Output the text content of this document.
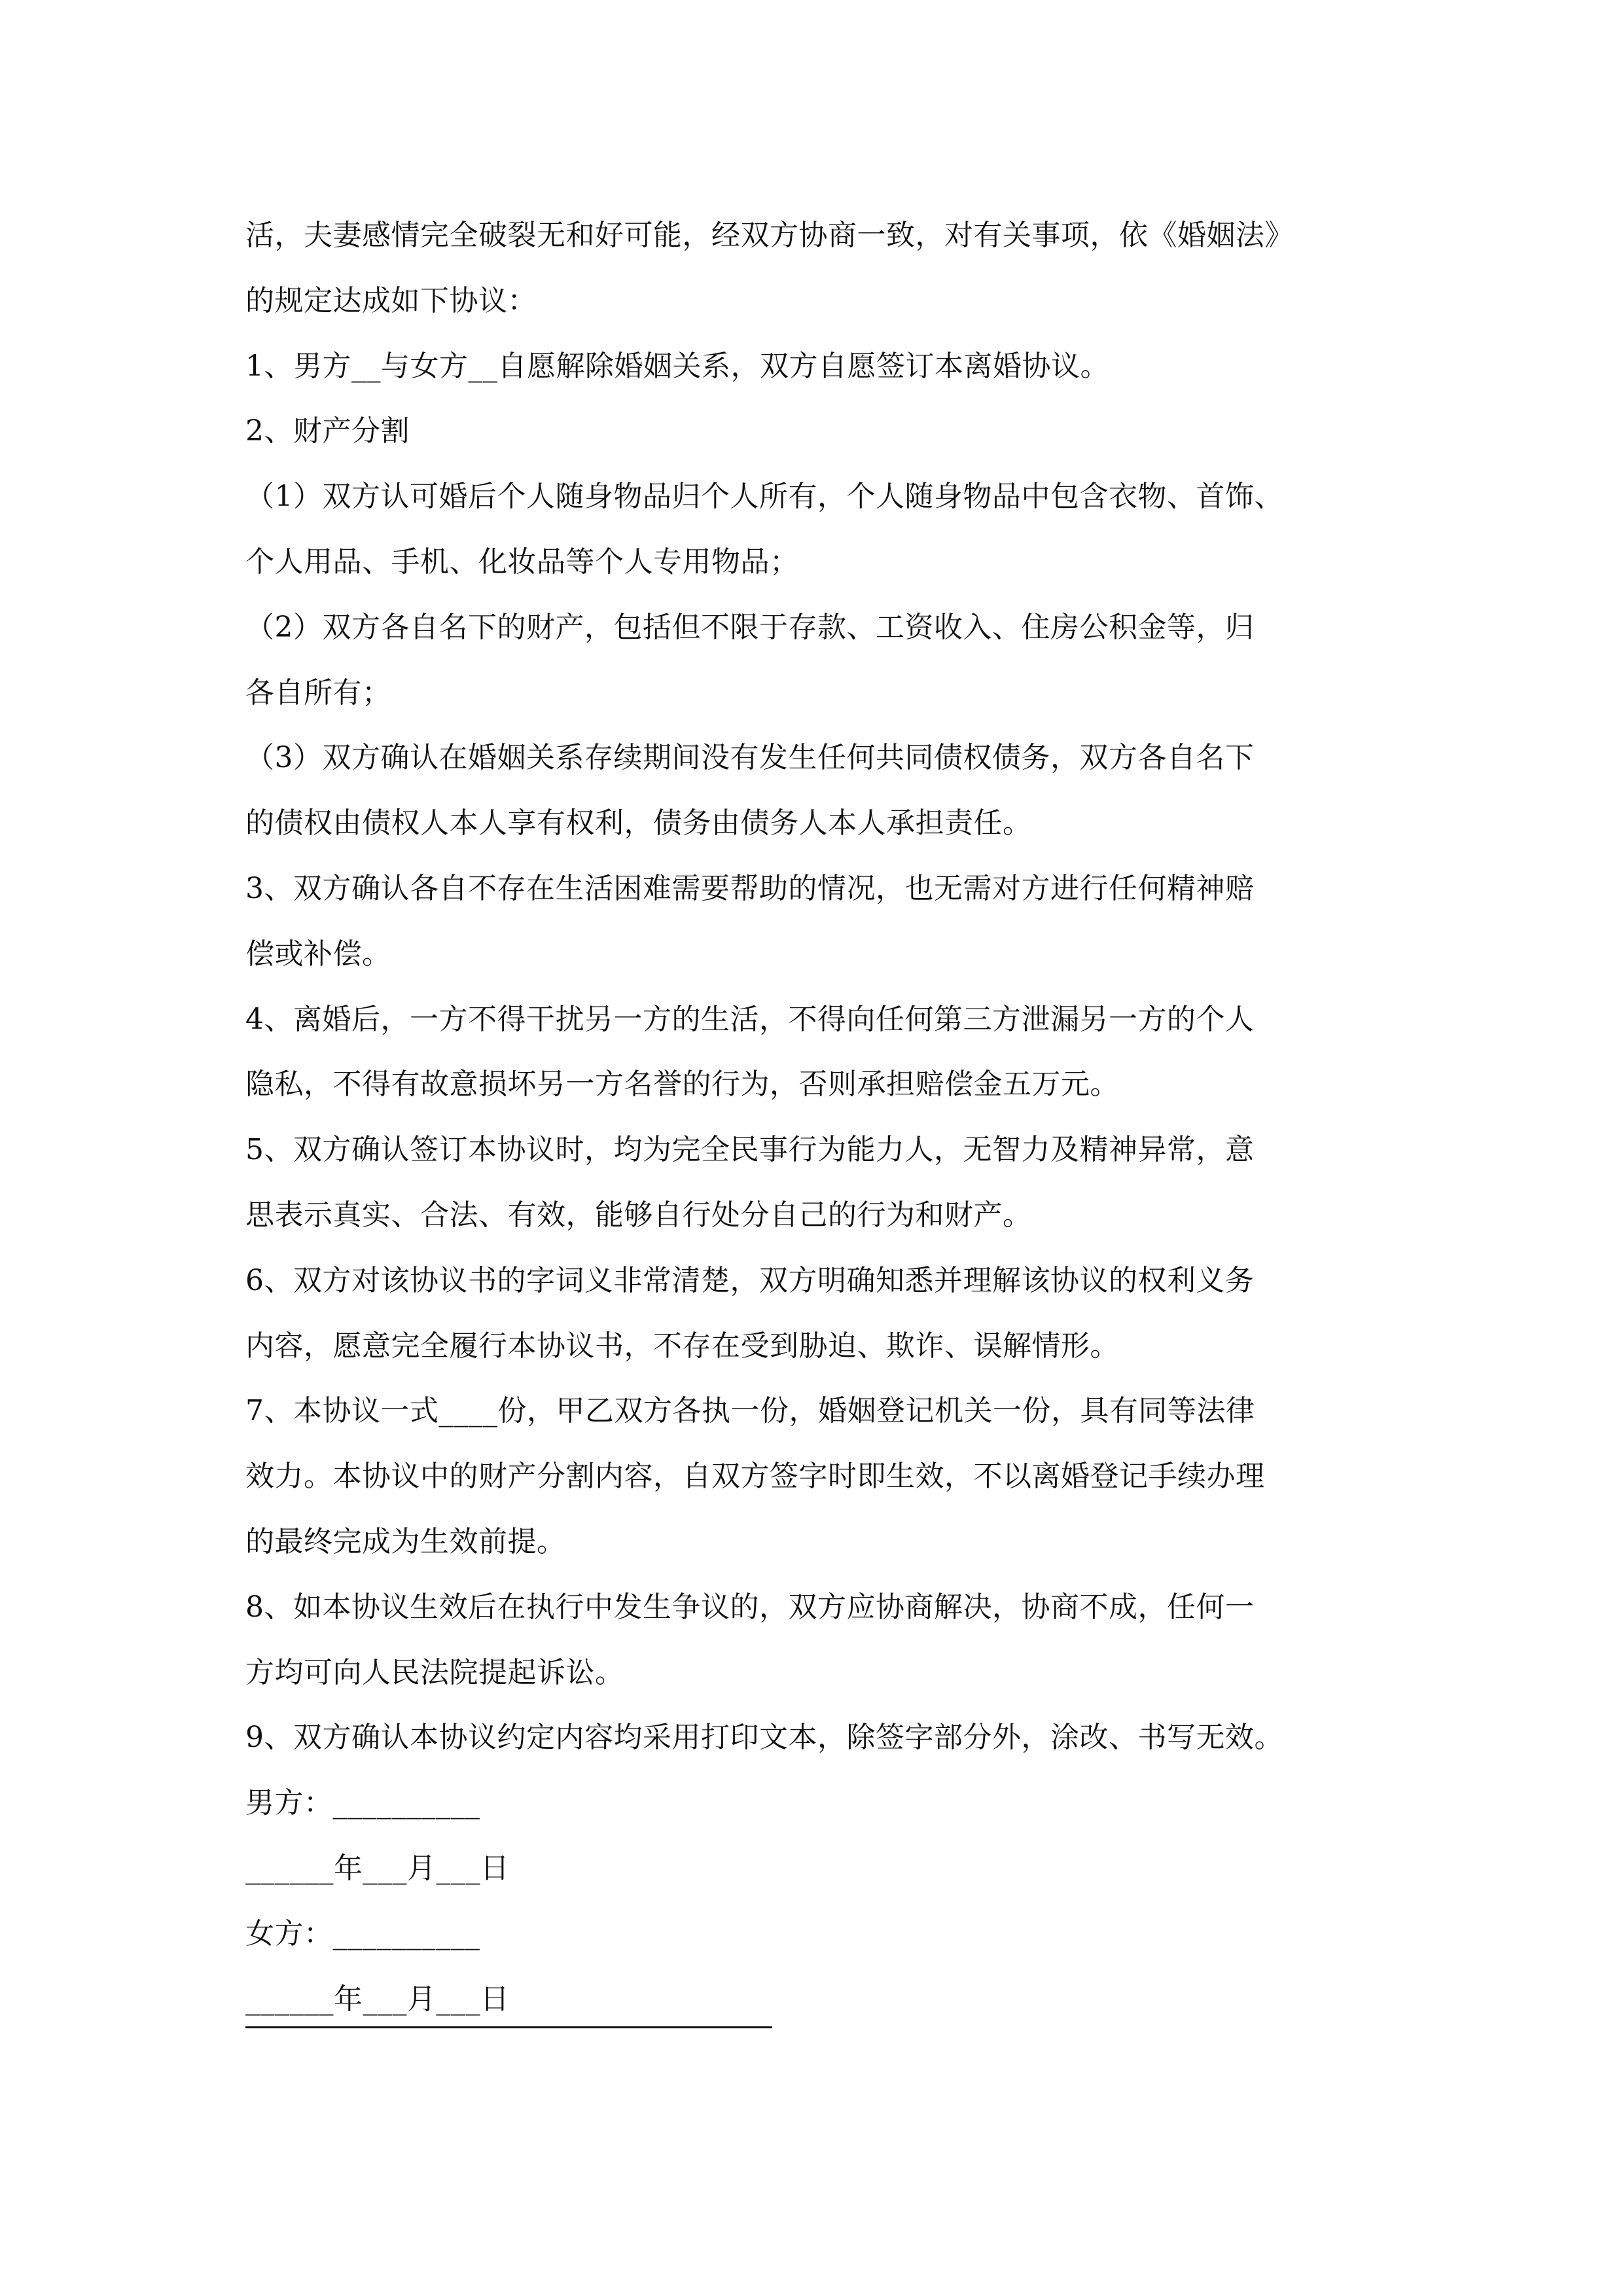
活，夫妻感情完全破裂无和好可能，经双方协商一致，对有关事项，依《婚姻法》
的规定达成如下协议：
1、男方__与女方__自愿解除婚姻关系，双方自愿签订本离婚协议。
2、财产分割
（1）双方认可婚后个人随身物品归个人所有，个人随身物品中包含衣物、首饰、
个人用品、手机、化妆品等个人专用物品；
（2）双方各自名下的财产，包括但不限于存款、工资收入、住房公积金等，归
各自所有；
（3）双方确认在婚姻关系存续期间没有发生任何共同债权债务，双方各自名下
的债权由债权人本人享有权利，债务由债务人本人承担责任。
3、双方确认各自不存在生活困难需要帮助的情况，也无需对方进行任何精神赔
偿或补偿。
4、离婚后，一方不得干扰另一方的生活，不得向任何第三方泄漏另一方的个人
隐私，不得有故意损坏另一方名誉的行为，否则承担赔偿金五万元。
5、双方确认签订本协议时，均为完全民事行为能力人，无智力及精神异常，意
思表示真实、合法、有效，能够自行处分自己的行为和财产。
6、双方对该协议书的字词义非常清楚，双方明确知悉并理解该协议的权利义务
内容，愿意完全履行本协议书，不存在受到胁迫、欺诈、误解情形。
7、本协议一式____份，甲乙双方各执一份，婚姻登记机关一份，具有同等法律
效力。本协议中的财产分割内容，自双方签字时即生效，不以离婚登记手续办理
的最终完成为生效前提。
8、如本协议生效后在执行中发生争议的，双方应协商解决，协商不成，任何一
方均可向人民法院提起诉讼。
9、双方确认本协议约定内容均采用打印文本，除签字部分外，涂改、书写无效。
男方：__________
______年___月___日
女方：__________
______年___月___日
